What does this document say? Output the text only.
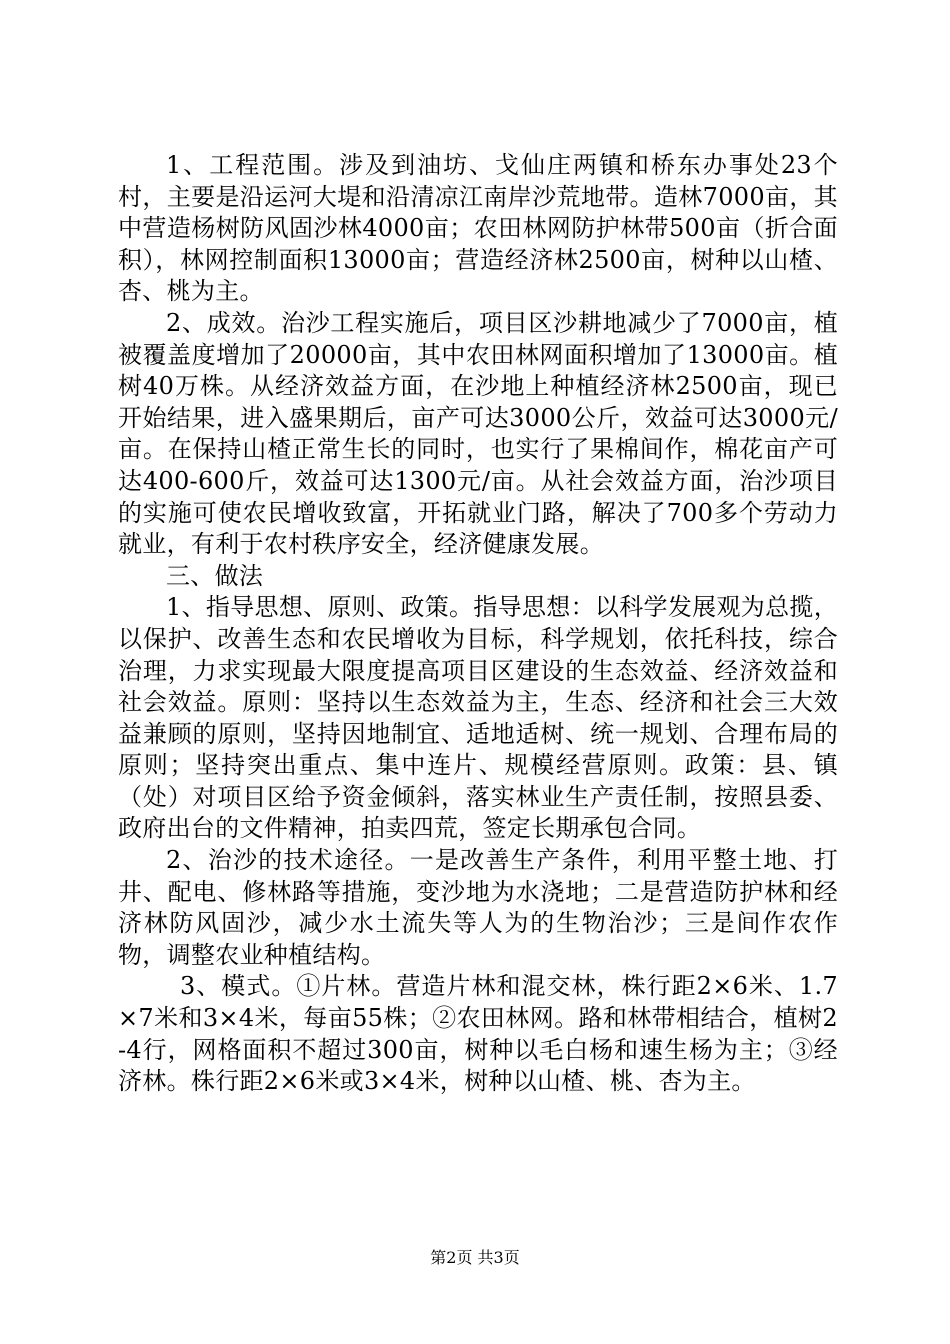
1、工程范围。涉及到油坊、戈仙庄两镇和桥东办事处23个村，主要是沿运河大堤和沿清凉江南岸沙荒地带。造林7000亩，其中营造杨树防风固沙林4000亩；农田林网防护林带500亩（折合面积），林网控制面积13000亩；营造经济林2500亩，树种以山楂、杏、桃为主。

2、成效。治沙工程实施后，项目区沙耕地减少了7000亩，植被覆盖度增加了20000亩，其中农田林网面积增加了13000亩。植树40万株。从经济效益方面，在沙地上种植经济林2500亩，现已开始结果，进入盛果期后，亩产可达3000公斤，效益可达3000元/亩。在保持山楂正常生长的同时，也实行了果棉间作，棉花亩产可达400-600斤，效益可达1300元/亩。从社会效益方面，治沙项目的实施可使农民增收致富，开拓就业门路，解决了700多个劳动力就业，有利于农村秩序安全，经济健康发展。

三、做法

1、指导思想、原则、政策。指导思想：以科学发展观为总揽，以保护、改善生态和农民增收为目标，科学规划，依托科技，综合治理，力求实现最大限度提高项目区建设的生态效益、经济效益和社会效益。原则：坚持以生态效益为主，生态、经济和社会三大效益兼顾的原则，坚持因地制宜、适地适树、统一规划、合理布局的原则；坚持突出重点、集中连片、规模经营原则。政策：县、镇（处）对项目区给予资金倾斜，落实林业生产责任制，按照县委、政府出台的文件精神，拍卖四荒，签定长期承包合同。

2、治沙的技术途径。一是改善生产条件，利用平整土地、打井、配电、修林路等措施，变沙地为水浇地；二是营造防护林和经济林防风固沙，减少水土流失等人为的生物治沙；三是间作农作物，调整农业种植结构。

3、模式。①片林。营造片林和混交林，株行距2×6米、1.7×7米和3×4米，每亩55株；②农田林网。路和林带相结合，植树2-4行，网格面积不超过300亩，树种以毛白杨和速生杨为主；③经济林。株行距2×6米或3×4米，树种以山楂、桃、杏为主。

第2页 共3页
